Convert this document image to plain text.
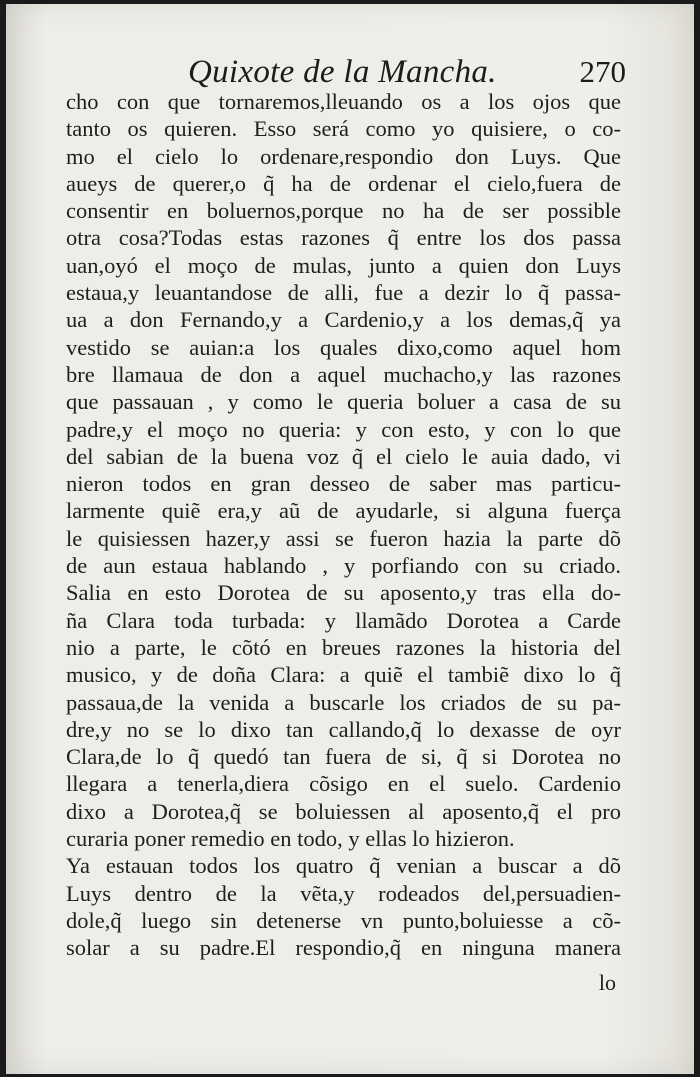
Quixote de la Mancha.	270
cho con que tornaremos,lleuando os a los ojos que
tanto os quieren. Esso será como yo quisiere, o co-
mo el cielo lo ordenare,respondio don Luys. Que
aueys de querer,o q̃ ha de ordenar el cielo,fuera de
consentir en boluernos,porque no ha de ser possible
otra cosa?Todas estas razones q̃ entre los dos passa
uan,oyó el moço de mulas, junto a quien don Luys
estaua,y leuantandose de alli, fue a dezir lo q̃ passa-
ua a don Fernando,y a Cardenio,y a los demas,q̃ ya
vestido se auian:a los quales dixo,como aquel hom
bre llamaua de don a aquel muchacho,y las razones
que passauan , y como le queria boluer a casa de su
padre,y el moço no queria: y con esto, y con lo que
del sabian de la buena voz q̃ el cielo le auia dado, vi
nieron todos en gran desseo de saber mas particu-
larmente quiẽ era,y aũ de ayudarle, si alguna fuerça
le quisiessen hazer,y assi se fueron hazia la parte dõ
de aun estaua hablando , y porfiando con su criado.
Salia en esto Dorotea de su aposento,y tras ella do-
ña Clara toda turbada: y llamãdo Dorotea a Carde
nio a parte, le cõtó en breues razones la historia del
musico, y de doña Clara: a quiẽ el tambiẽ dixo lo q̃
passaua,de la venida a buscarle los criados de su pa-
dre,y no se lo dixo tan callando,q̃ lo dexasse de oyr
Clara,de lo q̃ quedó tan fuera de si, q̃ si Dorotea no
llegara a tenerla,diera cõsigo en el suelo. Cardenio
dixo a Dorotea,q̃ se boluiessen al aposento,q̃ el pro
curaria poner remedio en todo, y ellas lo hizieron.
Ya estauan todos los quatro q̃ venian a buscar a dõ
Luys dentro de la vẽta,y rodeados del,persuadien-
dole,q̃ luego sin detenerse vn punto,boluiesse a cõ-
solar a su padre.El respondio,q̃ en ninguna manera
lo
